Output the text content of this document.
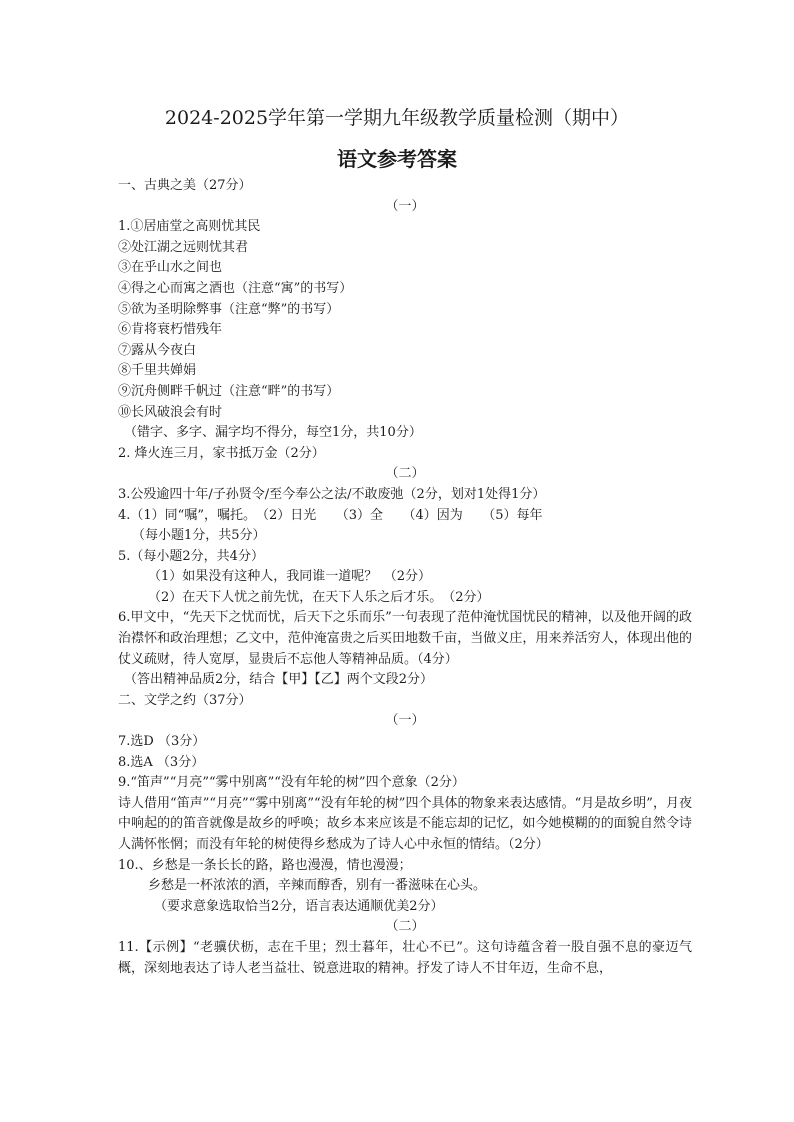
2024-2025学年第一学期九年级教学质量检测（期中）
语文参考答案
一、古典之美（27分）
（一）
1.①居庙堂之高则忧其民
②处江湖之远则忧其君
③在乎山水之间也
④得之心而寓之酒也（注意“寓”的书写）
⑤欲为圣明除弊事（注意“弊”的书写）
⑥肯将衰朽惜残年
⑦露从今夜白
⑧千里共婵娟
⑨沉舟侧畔千帆过（注意“畔”的书写）
⑩长风破浪会有时
（错字、多字、漏字均不得分，每空1分，共10分）
2. 烽火连三月，家书抵万金（2分）
（二）
3.公殁逾四十年/子孙贤令/至今奉公之法/不敢废弛（2分，划对1处得1分）
4.（1）同“嘱”，嘱托。　（2）日光　　（3）全　　（4）因为　　（5）每年
（每小题1分，共5分）
5.（每小题2分，共4分）
（1）如果没有这种人，我同谁一道呢？　（2分）
（2）在天下人忧之前先忧，在天下人乐之后才乐。　（2分）
6.甲文中，“先天下之忧而忧，后天下之乐而乐”一句表现了范仲淹忧国忧民的精神，以及他开阔的政治襟怀和政治理想；乙文中，范仲淹富贵之后买田地数千亩，当做义庄，用来养活穷人，体现出他的仗义疏财，待人宽厚，显贵后不忘他人等精神品质。（4分）
（答出精神品质2分，结合【甲】【乙】两个文段2分）
二、文学之约（37分）
（一）
7.选D （3分）
8.选A （3分）
9.“笛声”“月亮”“雾中别离”“没有年轮的树”四个意象（2分）
诗人借用“笛声”“月亮”“雾中别离”“没有年轮的树”四个具体的物象来表达感情。“月是故乡明”，月夜中响起的的笛音就像是故乡的呼唤；故乡本来应该是不能忘却的记忆，如今她模糊的的面貌自然令诗人满怀怅惘；而没有年轮的树使得乡愁成为了诗人心中永恒的情结。（2分）
10.、乡愁是一条长长的路，路也漫漫，情也漫漫；
乡愁是一杯浓浓的酒，辛辣而醇香，别有一番滋味在心头。
（要求意象选取恰当2分，语言表达通顺优美2分）
（二）
11.【示例】“老骥伏枥，志在千里；烈士暮年，壮心不已”。这句诗蕴含着一股自强不息的豪迈气概，深刻地表达了诗人老当益壮、锐意进取的精神。抒发了诗人不甘年迈，生命不息，
